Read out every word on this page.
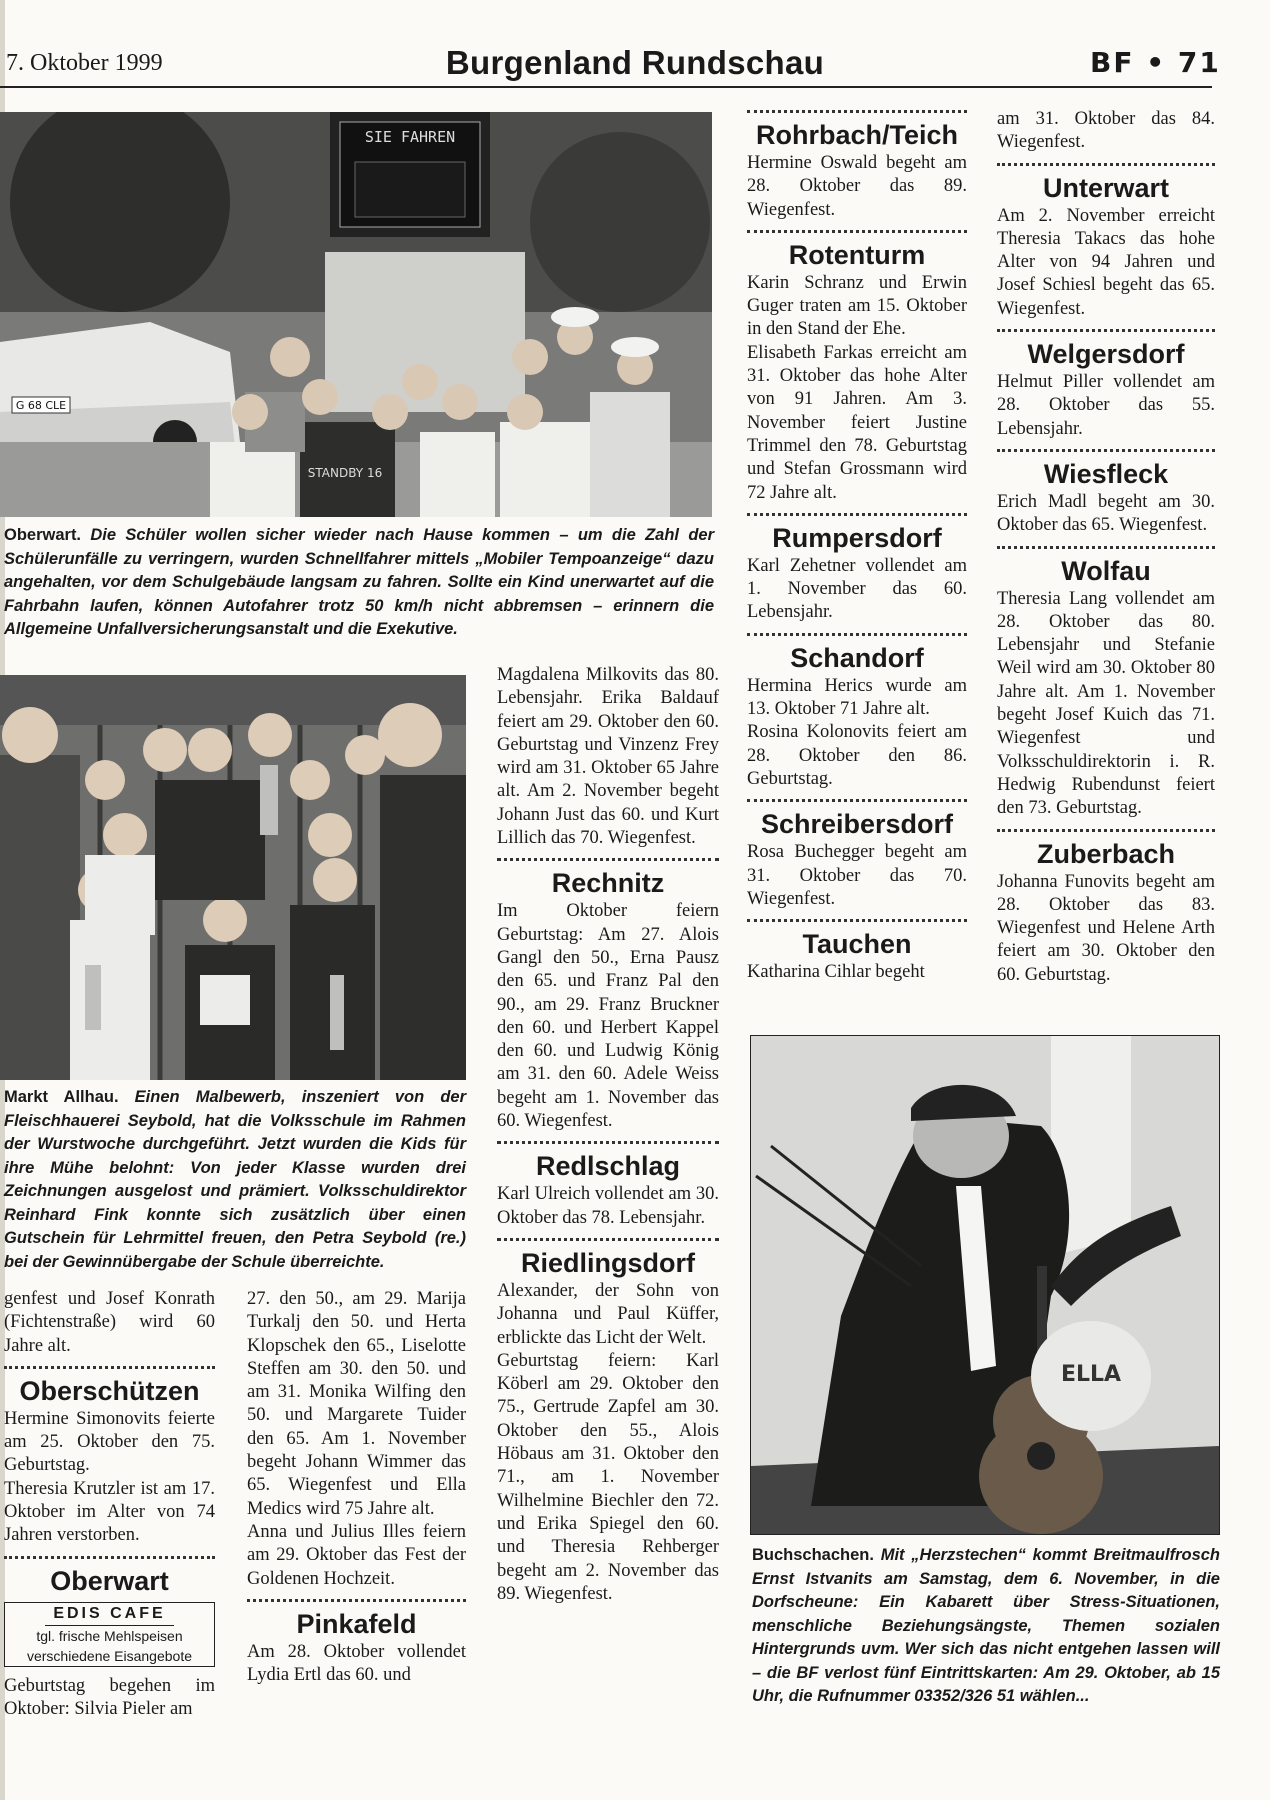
7. Oktober 1999	Burgenland Rundschau	BF • 71
SIE FAHREN
G 68 CLE
STANDBY 16
Oberwart. Die Schüler wollen sicher wieder nach Hause kommen – um die Zahl der Schülerunfälle zu verringern, wurden Schnellfahrer mittels „Mobiler Tempoanzeige“ dazu angehalten, vor dem Schulgebäude langsam zu fahren. Sollte ein Kind unerwartet auf die Fahrbahn laufen, können Autofahrer trotz 50 km/h nicht abbremsen – erinnern die Allgemeine Unfallversicherungsanstalt und die Exekutive.
Markt Allhau. Einen Malbewerb, inszeniert von der Fleischhauerei Seybold, hat die Volksschule im Rahmen der Wurstwoche durchgeführt. Jetzt wurden die Kids für ihre Mühe belohnt: Von jeder Klasse wurden drei Zeichnungen ausgelost und prämiert. Volksschuldirektor Reinhard Fink konnte sich zusätzlich über einen Gutschein für Lehrmittel freuen, den Petra Seybold (re.) bei der Gewinnübergabe der Schule überreichte.

genfest und Josef Konrath (Fichtenstraße) wird 60 Jahre alt.

Oberschützen

Hermine Simonovits feierte am 25. Oktober den 75. Geburtstag.

Theresia Krutzler ist am 17. Oktober im Alter von 74 Jahren verstorben.

Oberwart
EDIS CAFE
tgl. frische Mehlspeisen
verschiedene Eisangebote

Geburtstag begehen im Oktober: Silvia Pieler am

27. den 50., am 29. Marija Turkalj den 50. und Herta Klopschek den 65., Liselotte Steffen am 30. den 50. und am 31. Monika Wilfing den 50. und Margarete Tuider den 65. Am 1. November begeht Johann Wimmer das 65. Wiegenfest und Ella Medics wird 75 Jahre alt.

Anna und Julius Illes feiern am 29. Oktober das Fest der Goldenen Hochzeit.

Pinkafeld

Am 28. Oktober vollendet Lydia Ertl das 60. und

Magdalena Milkovits das 80. Lebensjahr. Erika Baldauf feiert am 29. Oktober den 60. Geburtstag und Vinzenz Frey wird am 31. Oktober 65 Jahre alt. Am 2. November begeht Johann Just das 60. und Kurt Lillich das 70. Wiegenfest.

Rechnitz

Im Oktober feiern Geburtstag: Am 27. Alois Gangl den 50., Erna Pausz den 65. und Franz Pal den 90., am 29. Franz Bruckner den 60. und Herbert Kappel den 60. und Ludwig König am 31. den 60. Adele Weiss begeht am 1. November das 60. Wiegenfest.

Redlschlag

Karl Ulreich vollendet am 30. Oktober das 78. Lebensjahr.

Riedlingsdorf

Alexander, der Sohn von Johanna und Paul Küffer, erblickte das Licht der Welt.

Geburtstag feiern: Karl Köberl am 29. Oktober den 75., Gertrude Zapfel am 30. Oktober den 55., Alois Höbaus am 31. Oktober den 71., am 1. November Wilhelmine Biechler den 72. und Erika Spiegel den 60. und Theresia Rehberger begeht am 2. November das 89. Wiegenfest.

Rohrbach/Teich

Hermine Oswald begeht am 28. Oktober das 89. Wiegenfest.

Rotenturm

Karin Schranz und Erwin Guger traten am 15. Oktober in den Stand der Ehe.

Elisabeth Farkas erreicht am 31. Oktober das hohe Alter von 91 Jahren. Am 3. November feiert Justine Trimmel den 78. Geburtstag und Stefan Grossmann wird 72 Jahre alt.

Rumpersdorf

Karl Zehetner vollendet am 1. November das 60. Lebensjahr.

Schandorf

Hermina Herics wurde am 13. Oktober 71 Jahre alt.

Rosina Kolonovits feiert am 28. Oktober den 86. Geburtstag.

Schreibersdorf

Rosa Buchegger begeht am 31. Oktober das 70. Wiegenfest.

Tauchen

Katharina Cihlar begeht

am 31. Oktober das 84. Wiegenfest.

Unterwart

Am 2. November erreicht Theresia Takacs das hohe Alter von 94 Jahren und Josef Schiesl begeht das 65. Wiegenfest.

Welgersdorf

Helmut Piller vollendet am 28. Oktober das 55. Lebensjahr.

Wiesfleck

Erich Madl begeht am 30. Oktober das 65. Wiegenfest.

Wolfau

Theresia Lang vollendet am 28. Oktober das 80. Lebensjahr und Stefanie Weil wird am 30. Oktober 80 Jahre alt. Am 1. November begeht Josef Kuich das 71. Wiegenfest und Volksschuldirektorin i. R. Hedwig Rubendunst feiert den 73. Geburtstag.

Zuberbach

Johanna Funovits begeht am 28. Oktober das 83. Wiegenfest und Helene Arth feiert am 30. Oktober den 60. Geburtstag.

ELLA
Buchschachen. Mit „Herzstechen“ kommt Breitmaulfrosch Ernst Istvanits am Samstag, dem 6. November, in die Dorfscheune: Ein Kabarett über Stress-Situationen, menschliche Beziehungsängste, Themen sozialen Hintergrunds uvm. Wer sich das nicht entgehen lassen will – die BF verlost fünf Eintrittskarten: Am 29. Oktober, ab 15 Uhr, die Rufnummer 03352/326 51 wählen...
